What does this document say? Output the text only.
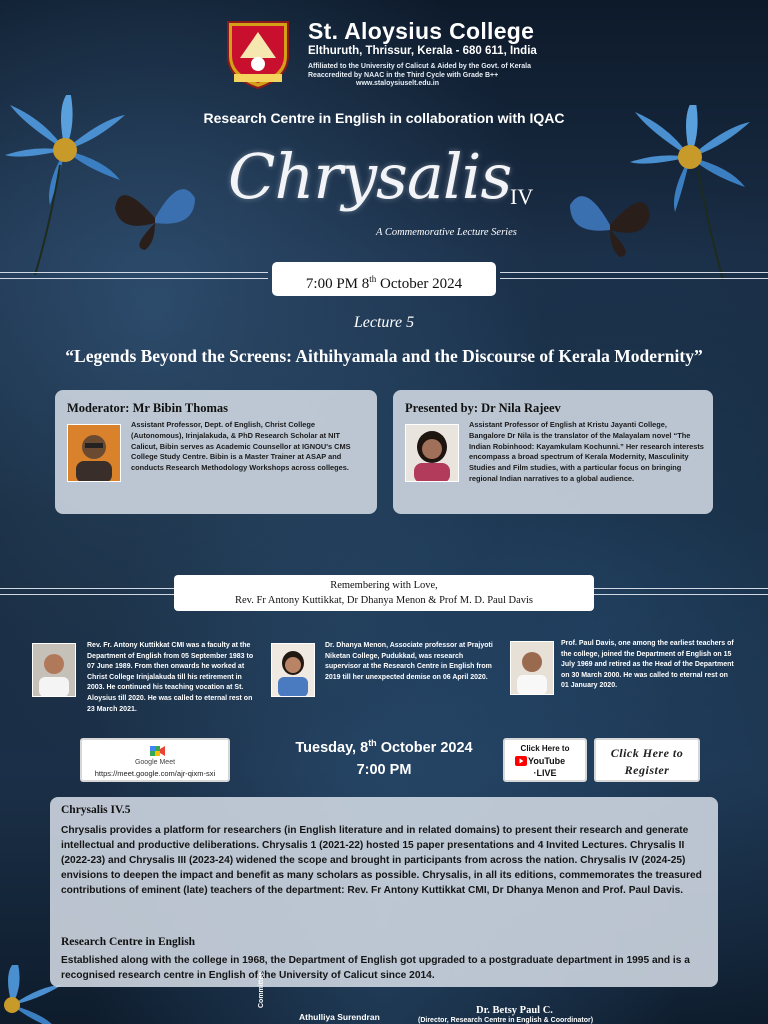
St. Aloysius College
Elthuruth, Thrissur, Kerala - 680 611, India
Affiliated to the University of Calicut & Aided by the Govt. of Kerala
Reaccredited by NAAC in the Third Cycle with Grade B++
www.staloysiuselt.edu.in
Research Centre in English in collaboration with IQAC
Chrysalis
IV
A Commemorative Lecture Series
7:00 PM 8th October 2024
Lecture 5
“Legends Beyond the Screens: Aithihyamala and the Discourse of Kerala Modernity”
Moderator: Mr Bibin Thomas
Assistant Professor, Dept. of English, Christ College (Autonomous), Irinjalakuda, & PhD Research Scholar at NIT Calicut, Bibin serves as Academic Counsellor at IGNOU's CMS College Study Centre. Bibin is a Master Trainer at ASAP and conducts Research Methodology Workshops across colleges.
Presented by: Dr Nila Rajeev
Assistant Professor of English at Kristu Jayanti College, Bangalore Dr Nila is the translator of the Malayalam novel “The Indian Robinhood: Kayamkulam Kochunni.” Her research interests encompass a broad spectrum of Kerala Modernity, Masculinity Studies and Film studies, with a particular focus on bringing regional Indian narratives to a global audience.
Remembering with Love,
Rev. Fr Antony Kuttikkat, Dr Dhanya Menon & Prof M. D. Paul Davis
Rev. Fr. Antony Kuttikkat CMI was a faculty at the Department of English from 05 September 1983 to 07 June 1989. From then onwards he worked at Christ College Irinjalakuda till his retirement in 2003. He continued his teaching vocation at St. Aloysius till 2020. He was called to eternal rest on 23 March 2021.
Dr. Dhanya Menon, Associate professor at Prajyoti Niketan College, Pudukkad, was research supervisor at the Research Centre in English from 2019 till her unexpected demise on 06 April 2020.
Prof. Paul Davis, one among the earliest teachers of the college, joined the Department of English on 15 July 1969 and retired as the Head of the Department on 30 March 2000. He was called to eternal rest on 01 January 2020.
Google Meet
https://meet.google.com/ajr-qixm-sxi
Tuesday, 8th October 2024
7:00 PM
Click Here to
YouTube
·LIVE
Click Here to
Register
Chrysalis IV.5
Chrysalis provides a platform for researchers (in English literature and in related domains) to present their research and generate intellectual and productive deliberations. Chrysalis 1 (2021-22) hosted 15 paper presentations and 4 Invited Lectures. Chrysalis II (2022-23) and Chrysalis III (2023-24) widened the scope and brought in participants from across the nation. Chrysalis IV (2024-25) envisions to deepen the impact and benefit as many scholars as possible. Chrysalis, in all its editions, commemorates the treasured contributions of eminent (late) teachers of the department: Rev. Fr Antony Kuttikkat CMI, Dr Dhanya Menon and Prof. Paul Davis.
Research Centre in English
Established along with the college in 1968, the Department of English got upgraded to a postgraduate department in 1995 and is a recognised research centre in English of the University of Calicut since 2014.
Committee
Athulliya Surendran
Dr. Betsy Paul C.
(Director, Research Centre in English & Coordinator)
